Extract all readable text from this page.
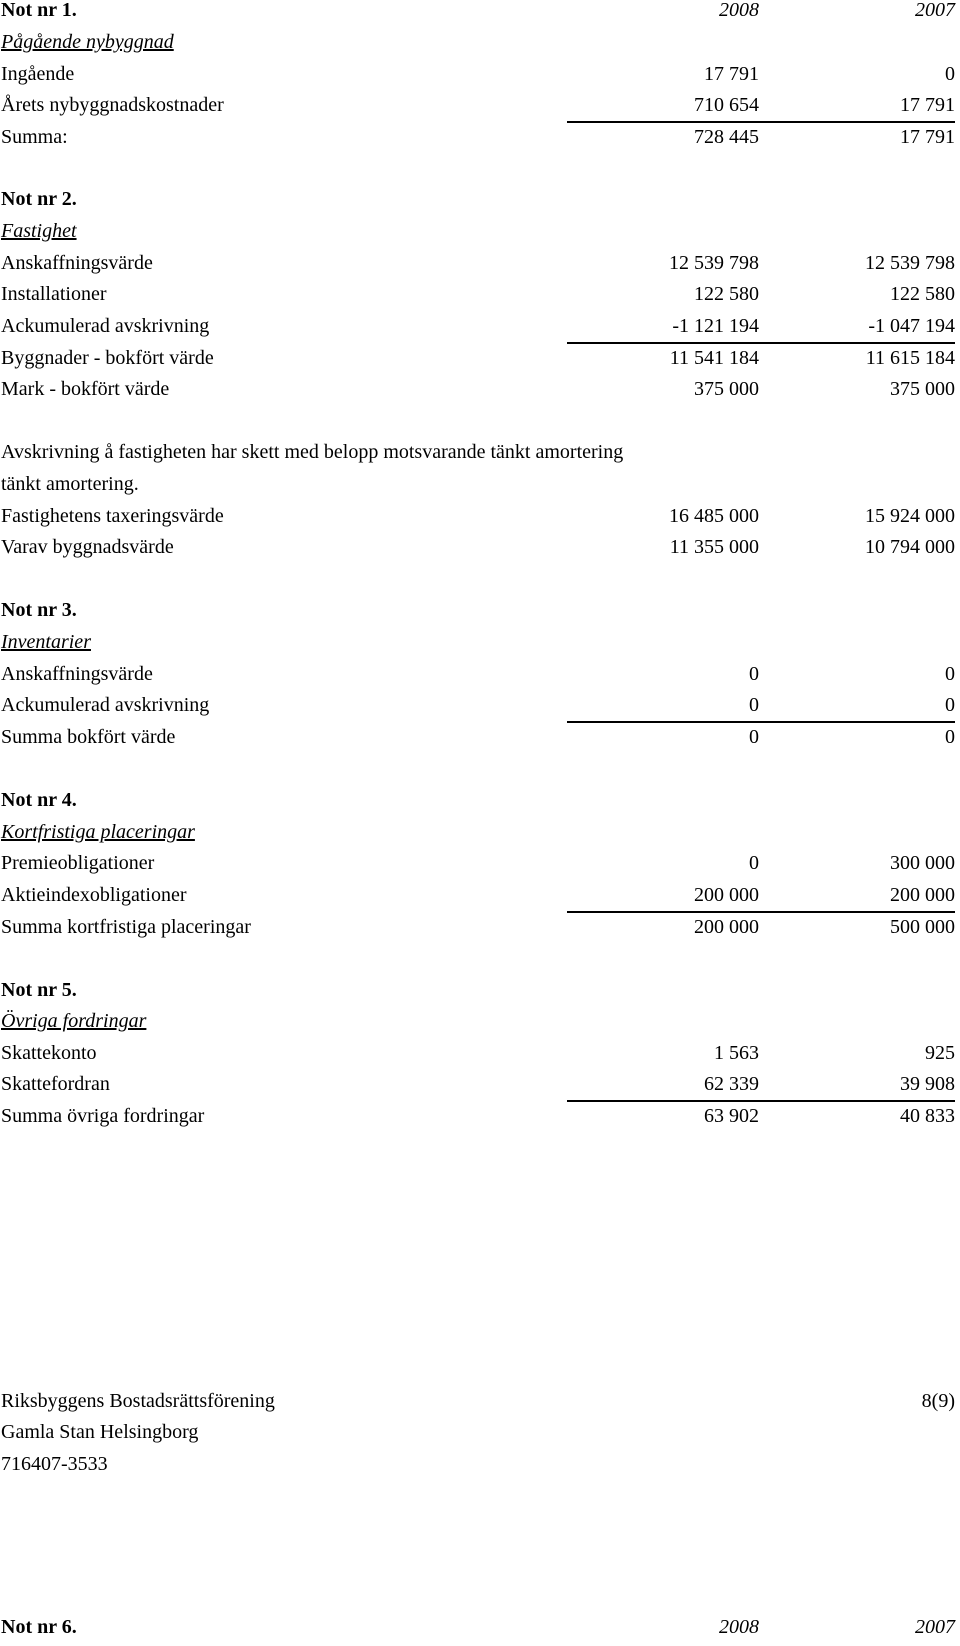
Not nr 1.	2008	2007
Pågående nybyggnad
Ingående	17 791	0
Årets nybyggnadskostnader	710 654	17 791
Summa:	728 445	17 791
Not nr 2.
Fastighet
Anskaffningsvärde	12 539 798	12 539 798
Installationer	122 580	122 580
Ackumulerad avskrivning	-1 121 194	-1 047 194
Byggnader - bokfört värde	11 541 184	11 615 184
Mark - bokfört värde	375 000	375 000
Avskrivning å fastigheten har skett med belopp motsvarande tänkt amortering
tänkt amortering.
Fastighetens taxeringsvärde	16 485 000	15 924 000
Varav byggnadsvärde	11 355 000	10 794 000
Not nr 3.
Inventarier
Anskaffningsvärde	0	0
Ackumulerad avskrivning	0	0
Summa bokfört värde	0	0
Not nr 4.
Kortfristiga placeringar
Premieobligationer	0	300 000
Aktieindexobligationer	200 000	200 000
Summa kortfristiga placeringar	200 000	500 000
Not nr 5.
Övriga fordringar
Skattekonto	1 563	925
Skattefordran	62 339	39 908
Summa övriga fordringar	63 902	40 833
Riksbyggens Bostadsrättsförening	8(9)
Gamla Stan Helsingborg
716407-3533
Not nr 6.	2008	2007
